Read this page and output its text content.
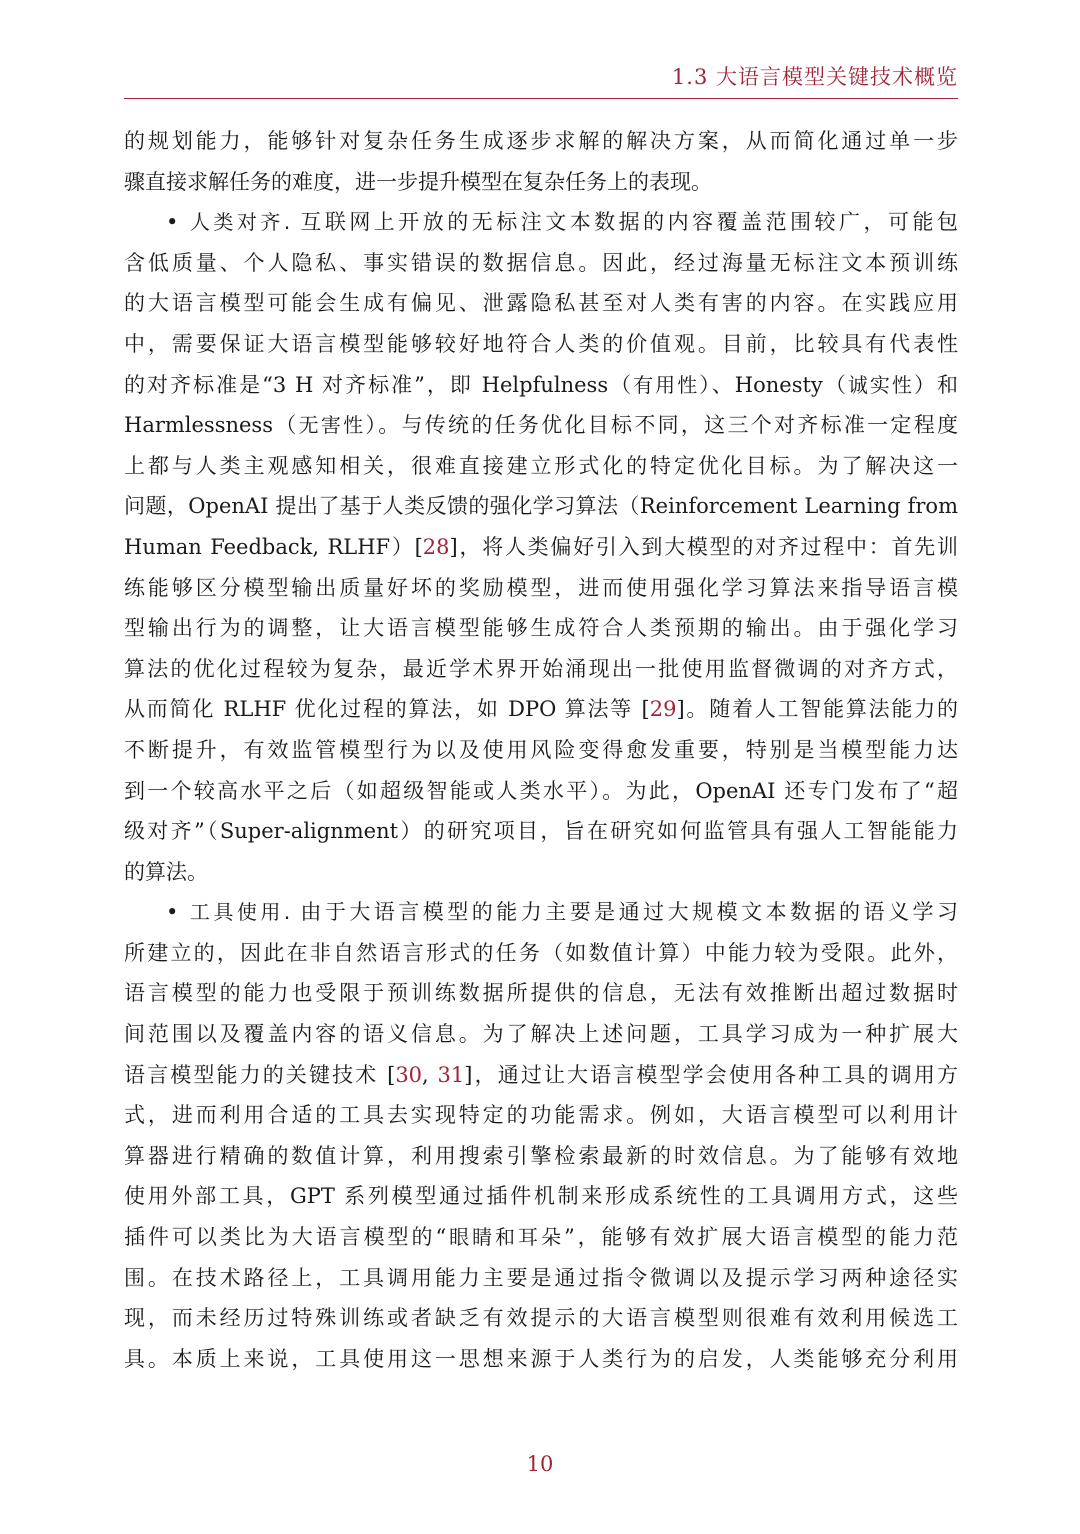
1.3 大语言模型关键技术概览
的规划能力，能够针对复杂任务生成逐步求解的解决方案，从而简化通过单一步
骤直接求解任务的难度，进一步提升模型在复杂任务上的表现。
• 人类对齐. 互联网上开放的无标注文本数据的内容覆盖范围较广，可能包
含低质量、个人隐私、事实错误的数据信息。因此，经过海量无标注文本预训练
的大语言模型可能会生成有偏见、泄露隐私甚至对人类有害的内容。在实践应用
中，需要保证大语言模型能够较好地符合人类的价值观。目前，比较具有代表性
的对齐标准是“3 H 对齐标准”，即 Helpfulness（有用性）、Honesty（诚实性）和
Harmlessness（无害性）。与传统的任务优化目标不同，这三个对齐标准一定程度
上都与人类主观感知相关，很难直接建立形式化的特定优化目标。为了解决这一
问题，OpenAI 提出了基于人类反馈的强化学习算法（Reinforcement Learning from
Human Feedback, RLHF）[28]，将人类偏好引入到大模型的对齐过程中：首先训
练能够区分模型输出质量好坏的奖励模型，进而使用强化学习算法来指导语言模
型输出行为的调整，让大语言模型能够生成符合人类预期的输出。由于强化学习
算法的优化过程较为复杂，最近学术界开始涌现出一批使用监督微调的对齐方式，
从而简化 RLHF 优化过程的算法，如 DPO 算法等 [29]。随着人工智能算法能力的
不断提升，有效监管模型行为以及使用风险变得愈发重要，特别是当模型能力达
到一个较高水平之后（如超级智能或人类水平）。为此，OpenAI 还专门发布了“超
级对齐”（Super-alignment）的研究项目，旨在研究如何监管具有强人工智能能力
的算法。
• 工具使用. 由于大语言模型的能力主要是通过大规模文本数据的语义学习
所建立的，因此在非自然语言形式的任务（如数值计算）中能力较为受限。此外，
语言模型的能力也受限于预训练数据所提供的信息，无法有效推断出超过数据时
间范围以及覆盖内容的语义信息。为了解决上述问题，工具学习成为一种扩展大
语言模型能力的关键技术 [30, 31]，通过让大语言模型学会使用各种工具的调用方
式，进而利用合适的工具去实现特定的功能需求。例如，大语言模型可以利用计
算器进行精确的数值计算，利用搜索引擎检索最新的时效信息。为了能够有效地
使用外部工具，GPT 系列模型通过插件机制来形成系统性的工具调用方式，这些
插件可以类比为大语言模型的“眼睛和耳朵”，能够有效扩展大语言模型的能力范
围。在技术路径上，工具调用能力主要是通过指令微调以及提示学习两种途径实
现，而未经历过特殊训练或者缺乏有效提示的大语言模型则很难有效利用候选工
具。本质上来说，工具使用这一思想来源于人类行为的启发，人类能够充分利用
10
